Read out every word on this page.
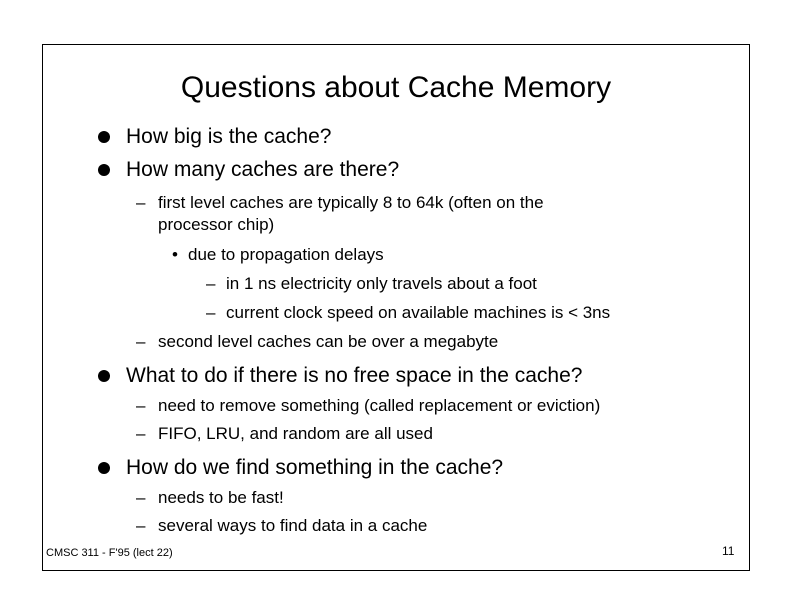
Questions about Cache Memory
How big is the cache?
How many caches are there?
– first level caches are typically 8 to 64k (often on the
processor chip)
• due to propagation delays
– in 1 ns electricity only travels about a foot
– current clock speed on available machines is < 3ns
– second level caches can be over a megabyte
What to do if there is no free space in the cache?
– need to remove something (called replacement or eviction)
– FIFO, LRU, and random are all used
How do we find something in the cache?
– needs to be fast!
– several ways to find data in a cache
CMSC 311 - F'95 (lect 22)	11
